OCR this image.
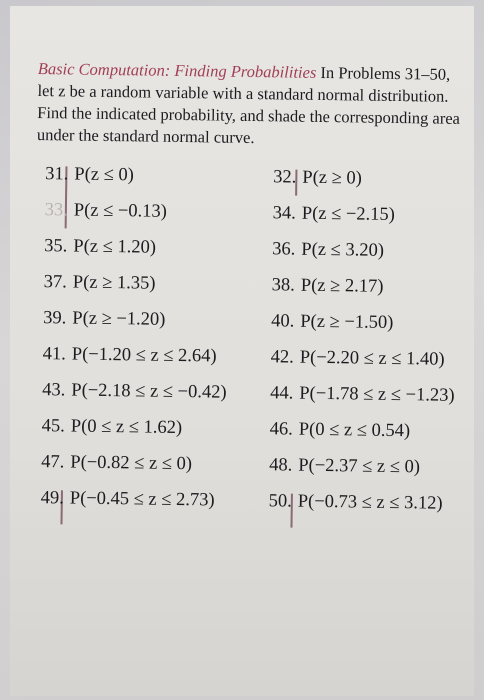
Basic Computation: Finding Probabilities In Problems 31–50, let z be a random variable with a standard normal distribution. Find the indicated probability, and shade the corresponding area under the standard normal curve.

31. P(z ≤ 0)	32. P(z ≥ 0)
33. P(z ≤ −0.13)	34. P(z ≤ −2.15)
35. P(z ≤ 1.20)	36. P(z ≤ 3.20)
37. P(z ≥ 1.35)	38. P(z ≥ 2.17)
39. P(z ≥ −1.20)	40. P(z ≥ −1.50)
41. P(−1.20 ≤ z ≤ 2.64)	42. P(−2.20 ≤ z ≤ 1.40)
43. P(−2.18 ≤ z ≤ −0.42)	44. P(−1.78 ≤ z ≤ −1.23)
45. P(0 ≤ z ≤ 1.62)	46. P(0 ≤ z ≤ 0.54)
47. P(−0.82 ≤ z ≤ 0)	48. P(−2.37 ≤ z ≤ 0)
49. P(−0.45 ≤ z ≤ 2.73)	50. P(−0.73 ≤ z ≤ 3.12)
